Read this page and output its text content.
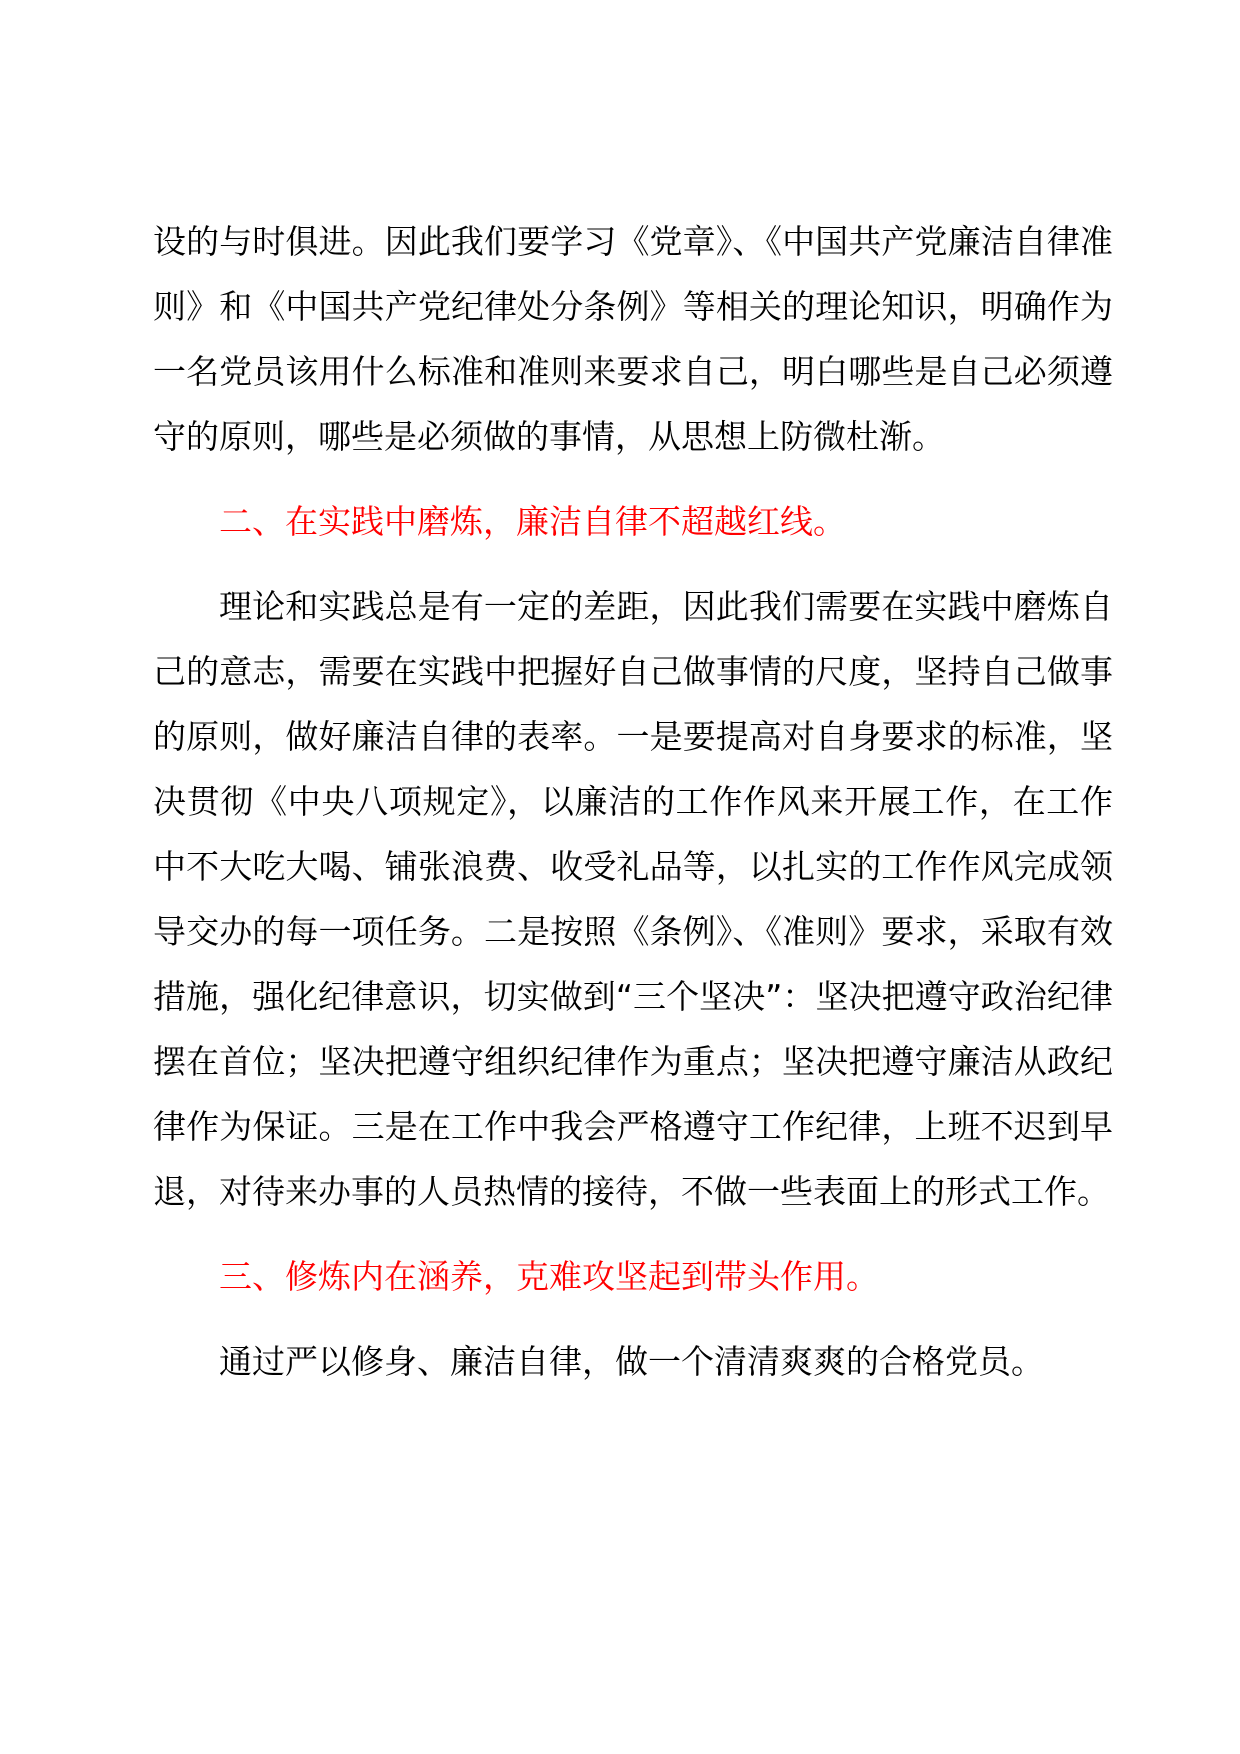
设的与时俱进。因此我们要学习《党章》、《中国共产党廉洁自律准则》和《中国共产党纪律处分条例》等相关的理论知识，明确作为一名党员该用什么标准和准则来要求自己，明白哪些是自己必须遵守的原则，哪些是必须做的事情，从思想上防微杜渐。

二、在实践中磨炼，廉洁自律不超越红线。

理论和实践总是有一定的差距，因此我们需要在实践中磨炼自己的意志，需要在实践中把握好自己做事情的尺度，坚持自己做事的原则，做好廉洁自律的表率。一是要提高对自身要求的标准，坚决贯彻《中央八项规定》，以廉洁的工作作风来开展工作，在工作中不大吃大喝、铺张浪费、收受礼品等，以扎实的工作作风完成领导交办的每一项任务。二是按照《条例》、《准则》要求，采取有效措施，强化纪律意识，切实做到“三个坚决”：坚决把遵守政治纪律摆在首位；坚决把遵守组织纪律作为重点；坚决把遵守廉洁从政纪律作为保证。三是在工作中我会严格遵守工作纪律，上班不迟到早退，对待来办事的人员热情的接待，不做一些表面上的形式工作。

三、修炼内在涵养，克难攻坚起到带头作用。

通过严以修身、廉洁自律，做一个清清爽爽的合格党员。
